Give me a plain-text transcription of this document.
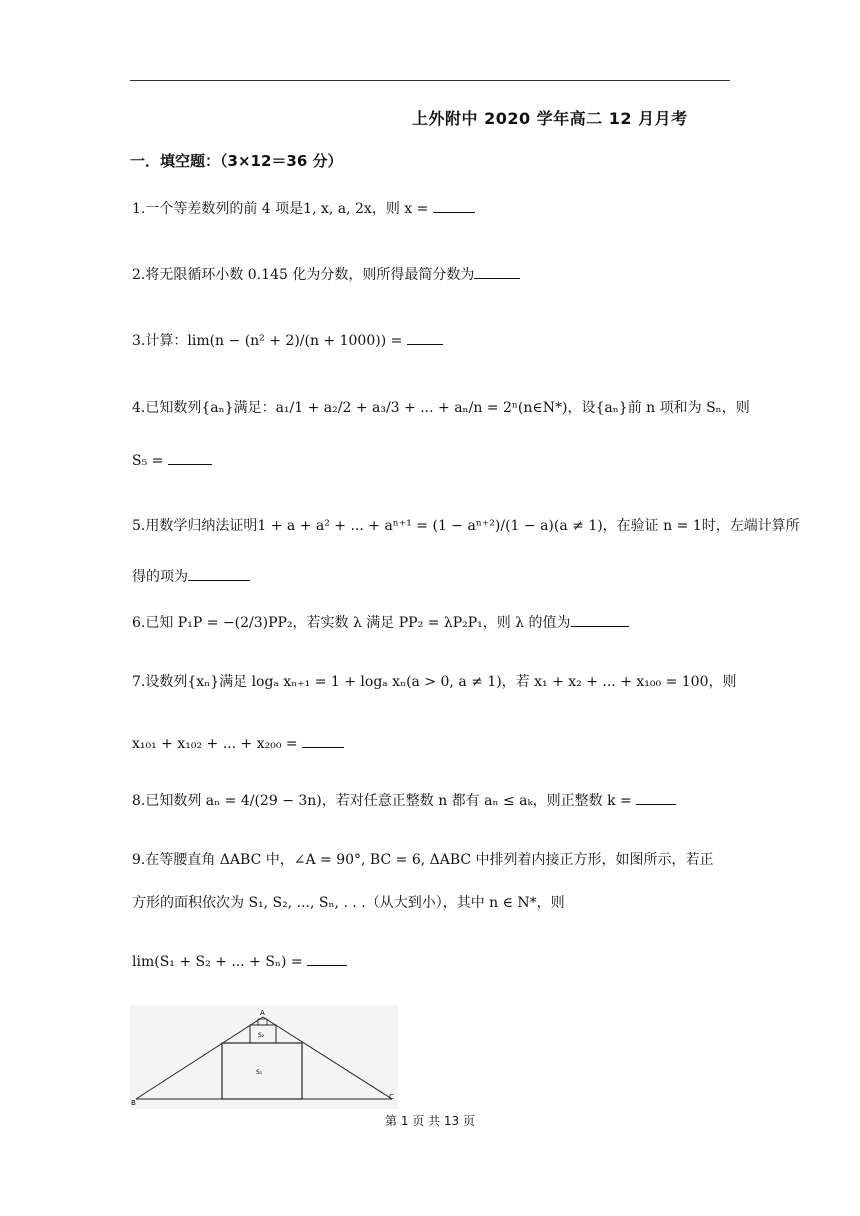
上外附中 2020 学年高二 12 月月考
一．填空题：（3×12＝36 分）
1.一个等差数列的前 4 项是1, x, a, 2x，则 x =
2.将无限循环小数 0.145 化为分数，则所得最简分数为
3.计算：lim(n − (n² + 2)/(n + 1000)) =
4.已知数列{aₙ}满足：a₁/1 + a₂/2 + a₃/3 + ... + aₙ/n = 2ⁿ(n∈N*)，设{aₙ}前 n 项和为 Sₙ，则
S₅ =
5.用数学归纳法证明1 + a + a² + ... + aⁿ⁺¹ = (1 − aⁿ⁺²)/(1 − a)(a ≠ 1)，在验证 n = 1时，左端计算所
得的项为
6.已知 P₁P = −(2/3)PP₂，若实数 λ 满足 PP₂ = λP₂P₁，则 λ 的值为
7.设数列{xₙ}满足 logₐ xₙ₊₁ = 1 + logₐ xₙ(a > 0, a ≠ 1)，若 x₁ + x₂ + ... + x₁₀₀ = 100，则
x₁₀₁ + x₁₀₂ + ... + x₂₀₀ =
8.已知数列 aₙ = 4/(29 − 3n)，若对任意正整数 n 都有 aₙ ≤ aₖ，则正整数 k =
9.在等腰直角 ΔABC 中，∠A = 90°, BC = 6, ΔABC 中排列着内接正方形，如图所示，若正
方形的面积依次为 S₁, S₂, ..., Sₙ, . . .（从大到小），其中 n ∈ N*，则
lim(S₁ + S₂ + ... + Sₙ) =
A
B
C
S₂
S₁
第 1 页 共 13 页
